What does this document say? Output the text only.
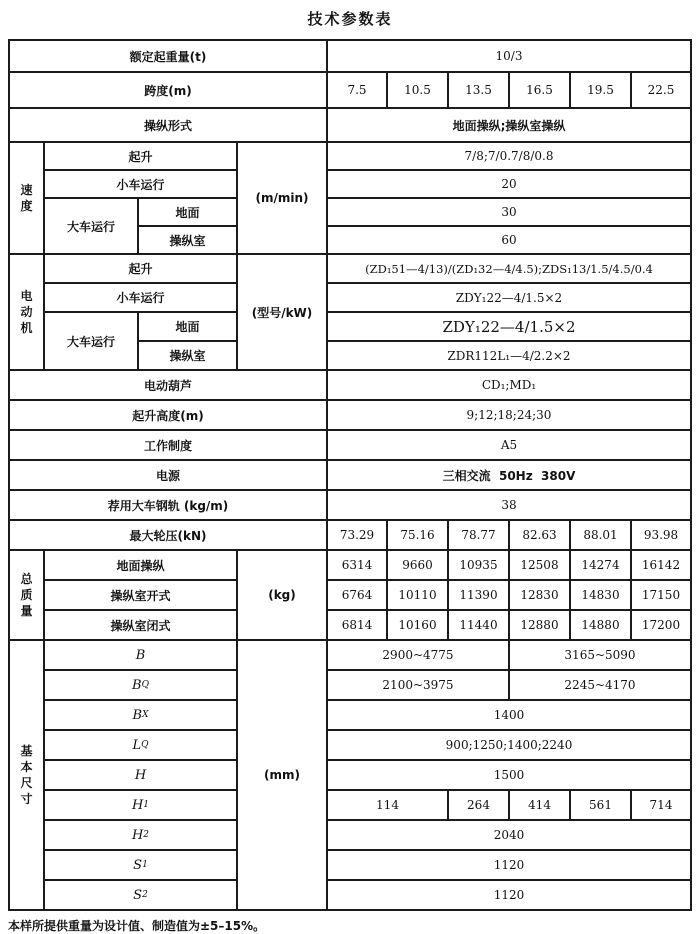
技术参数表
额定起重量(t)	10/3
跨度(m)	7.5	10.5	13.5	16.5	19.5	22.5
操纵形式	地面操纵;操纵室操纵
速度
(m/min)
起升	7/8;7/0.7/8/0.8
小车运行	20
大车运行
地面	30
操纵室	60
电动机
(型号/kW)
起升	(ZD₁51—4/13)/(ZD₁32—4/4.5);ZDS₁13/1.5/4.5/0.4
小车运行	ZDY₁22—4/1.5×2
大车运行
地面	ZDY₁22—4/1.5×2
操纵室	ZDR112L₁—4/2.2×2
电动葫芦	CD₁;MD₁
起升高度(m)	9;12;18;24;30
工作制度	A5
电源	三相交流  50Hz  380V
荐用大车钢轨 (kg/m)	38
最大轮压(kN)	73.29	75.16	78.77	82.63	88.01	93.98
总质量
(kg)
地面操纵	6314	9660	10935	12508	14274	16142
操纵室开式	6764	10110	11390	12830	14830	17150
操纵室闭式	6814	10160	11440	12880	14880	17200
基本尺寸
(mm)
B	2900~4775	3165~5090
B Q	2100~3975	2245~4170
B X	1400
L Q	900;1250;1400;2240
H	1500
H 1	114	264	414	561	714
H 2	2040
S 1	1120
S 2	1120
本样所提供重量为设计值、制造值为±5–15%。
